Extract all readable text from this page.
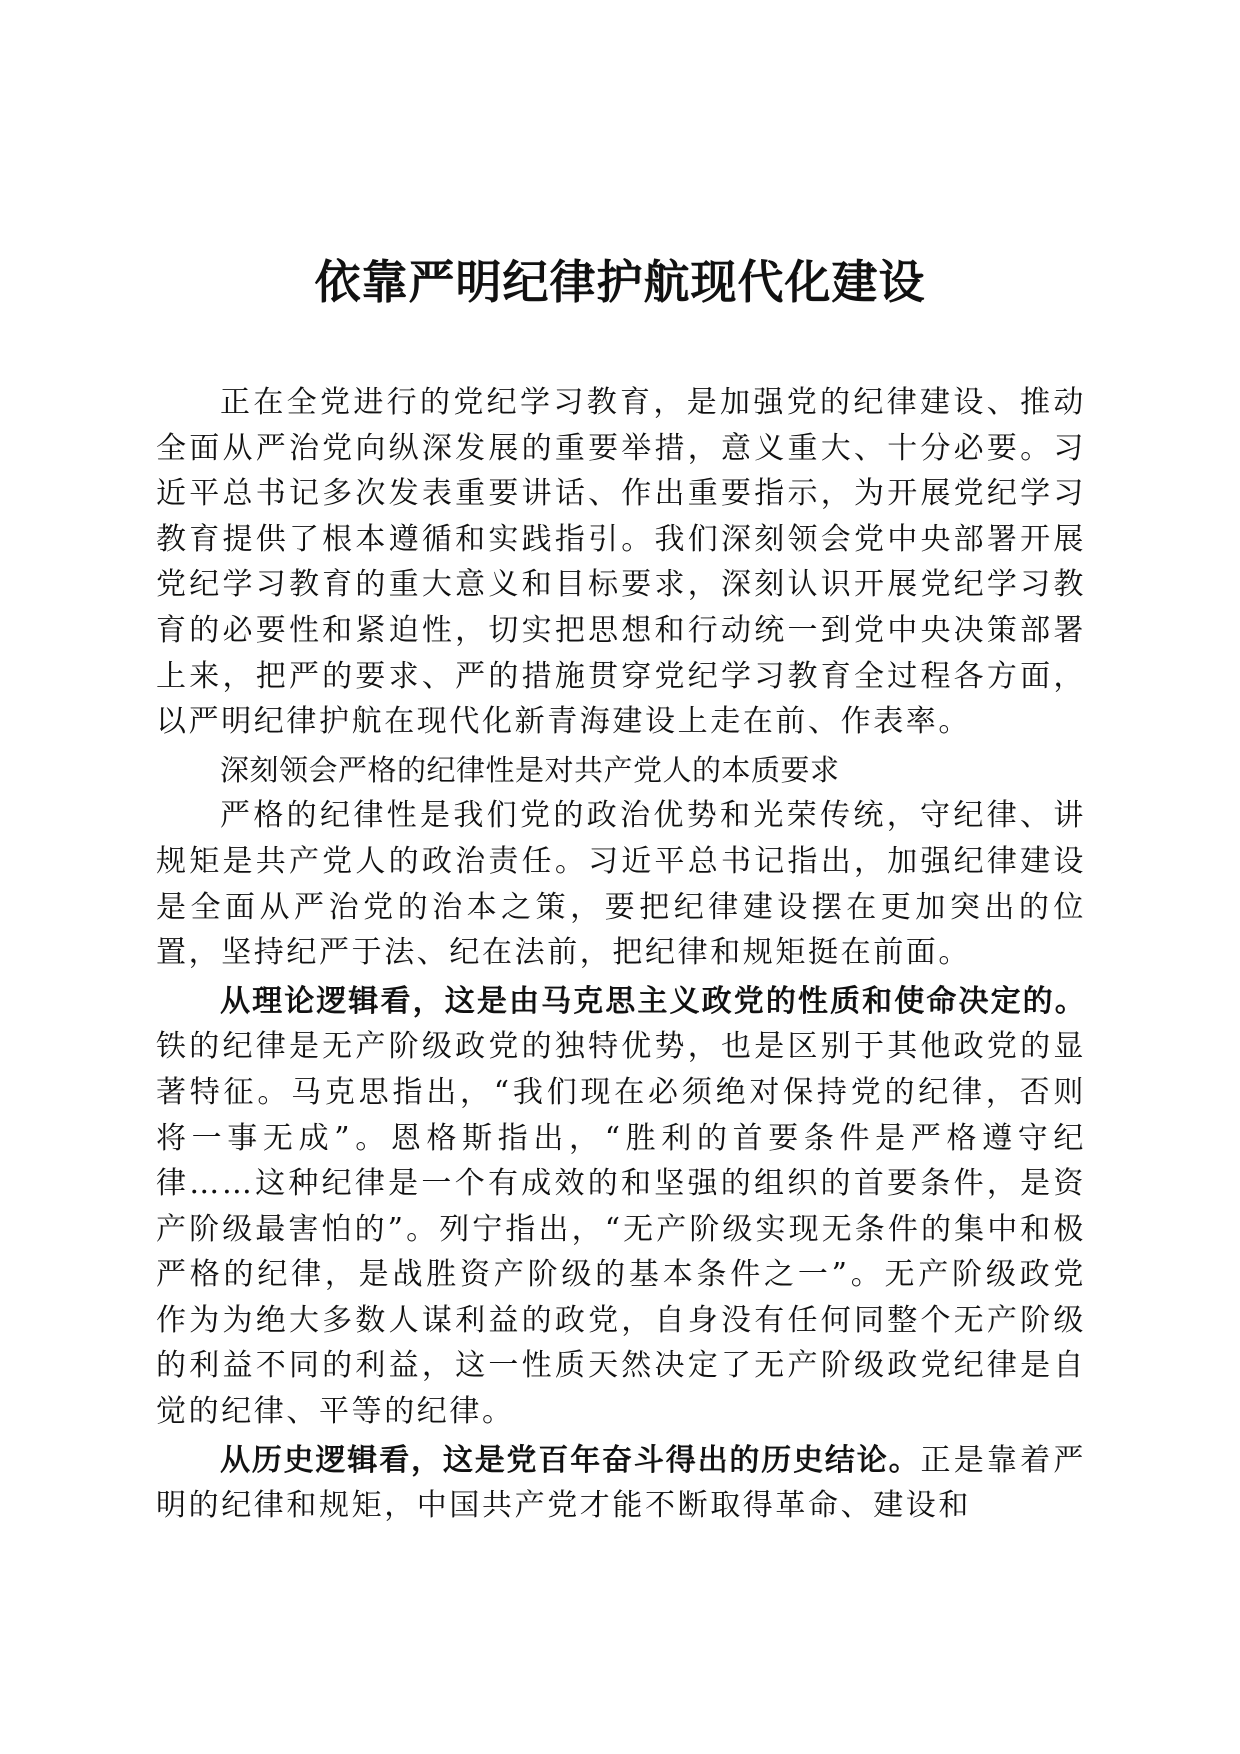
依靠严明纪律护航现代化建设

正在全党进行的党纪学习教育，是加强党的纪律建设、推动全面从严治党向纵深发展的重要举措，意义重大、十分必要。习近平总书记多次发表重要讲话、作出重要指示，为开展党纪学习教育提供了根本遵循和实践指引。我们深刻领会党中央部署开展党纪学习教育的重大意义和目标要求，深刻认识开展党纪学习教育的必要性和紧迫性，切实把思想和行动统一到党中央决策部署上来，把严的要求、严的措施贯穿党纪学习教育全过程各方面，以严明纪律护航在现代化新青海建设上走在前、作表率。

深刻领会严格的纪律性是对共产党人的本质要求

严格的纪律性是我们党的政治优势和光荣传统，守纪律、讲规矩是共产党人的政治责任。习近平总书记指出，加强纪律建设是全面从严治党的治本之策，要把纪律建设摆在更加突出的位置，坚持纪严于法、纪在法前，把纪律和规矩挺在前面。

从理论逻辑看，这是由马克思主义政党的性质和使命决定的。铁的纪律是无产阶级政党的独特优势，也是区别于其他政党的显著特征。马克思指出，“我们现在必须绝对保持党的纪律，否则将一事无成”。恩格斯指出，“胜利的首要条件是严格遵守纪律……这种纪律是一个有成效的和坚强的组织的首要条件，是资产阶级最害怕的”。列宁指出，“无产阶级实现无条件的集中和极严格的纪律，是战胜资产阶级的基本条件之一”。无产阶级政党作为为绝大多数人谋利益的政党，自身没有任何同整个无产阶级的利益不同的利益，这一性质天然决定了无产阶级政党纪律是自觉的纪律、平等的纪律。

从历史逻辑看，这是党百年奋斗得出的历史结论。正是靠着严明的纪律和规矩，中国共产党才能不断取得革命、建设和
